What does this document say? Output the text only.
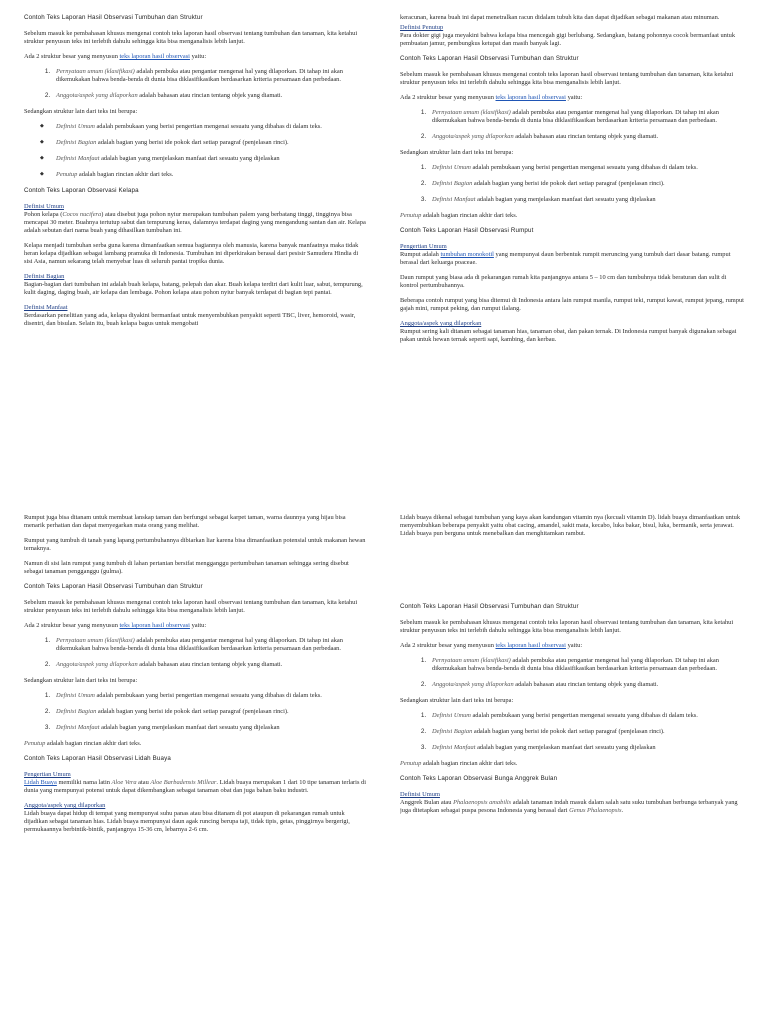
Contoh Teks Laporan Hasil Observasi Tumbuhan dan Struktur
Sebelum masuk ke pembahasan khusus mengenai contoh teks laporan hasil observasi tentang tumbuhan dan tanaman, kita ketahui struktur penyusun teks ini terlebih dahulu sehingga kita bisa menganalisis lebih lanjut.
Ada 2 struktur besar yang menyusun teks laporan hasil observasi yaitu:
1. Pernyataan umum (klasifikasi) adalah pembuka atau pengantar mengenai hal yang dilaporkan. Di tahap ini akan dikemukakan bahwa benda-benda di dunia bisa diklasifikasikan berdasarkan kriteria persamaan dan perbedaan.
2. Anggota/aspek yang dilaporkan adalah bahasan atau rincian tentang objek yang diamati.
Sedangkan struktur lain dari teks ini berupa:
◆ Definisi Umum adalah pembukaan yang berisi pengertian mengenai sesuatu yang dibahas di dalam teks.
◆ Definisi Bagian adalah bagian yang berisi ide pokok dari setiap paragraf (penjelasan rinci).
◆ Definisi Manfaat adalah bagian yang menjelaskan manfaat dari sesuatu yang dijelaskan
◆ Penutup adalah bagian rincian akhir dari teks.
Contoh Teks Laporan Observasi Kelapa
Definisi Umum
Pohon kelapa (Cocos nucifera) atau disebut juga pohon nyiur merupakan tumbuhan palem yang berbatang tinggi, tingginya bisa mencapai 30 meter. Buahnya tertutup sabut dan tempurung keras, dalamnya terdapat daging yang mengandung santan dan air. Kelapa adalah sebutan dari nama buah yang dihasilkan tumbuhan ini.
Kelapa menjadi tumbuhan serba guna karena dimanfaatkan semua bagiannya oleh manusia, karena banyak manfaatnya maka tidak heran kelapa dijadikan sebagai lambang pramuka di Indonesia. Tumbuhan ini diperkirakan berasal dari pesisir Samudera Hindia di sisi Asia, namun sekarang telah menyebar luas di seluruh pantai tropika dunia.
Definisi Bagian
Bagian-bagian dari tumbuhan ini adalah buah kelapa, batang, pelepah dan akar. Buah kelapa terdiri dari kulit luar, sabut, tempurung, kulit daging, daging buah, air kelapa dan lembaga. Pohon kelapa atau pohon nyiur banyak terdapat di bagian tepi pantai.
Definisi Manfaat
Berdasarkan penelitian yang ada, kelapa diyakini bermanfaat untuk menyembuhkan penyakit seperti TBC, liver, hemoroid, wasir, disentri, dan bisulan. Selain itu, buah kelapa bagus untuk mengobati
keracunan, karena buah ini dapat menetralkan racun didalam tubuh kita dan dapat dijadikan sebagai makanan atau minuman.
Definisi Penutup
Para dokter gigi juga meyakini bahwa kelapa bisa mencegah gigi berlubang. Sedangkan, batang pohonnya cocok bermanfaat untuk pembuatan jamur, pembungkus ketupat dan masih banyak lagi.
Contoh Teks Laporan Hasil Observasi Tumbuhan dan Struktur
Sebelum masuk ke pembahasan khusus mengenai contoh teks laporan hasil observasi tentang tumbuhan dan tanaman, kita ketahui struktur penyusun teks ini terlebih dahulu sehingga kita bisa menganalisis lebih lanjut.
Ada 2 struktur besar yang menyusun teks laporan hasil observasi yaitu:
1. Pernyataan umum (klasifikasi) adalah pembuka atau pengantar mengenai hal yang dilaporkan. Di tahap ini akan dikemukakan bahwa benda-benda di dunia bisa diklasifikasikan berdasarkan kriteria persamaan dan perbedaan.
2. Anggota/aspek yang dilaporkan adalah bahasan atau rincian tentang objek yang diamati.
Sedangkan struktur lain dari teks ini berupa:
1. Definisi Umum adalah pembukaan yang berisi pengertian mengenai sesuatu yang dibahas di dalam teks.
2. Definisi Bagian adalah bagian yang berisi ide pokok dari setiap paragraf (penjelasan rinci).
3. Definisi Manfaat adalah bagian yang menjelaskan manfaat dari sesuatu yang dijelaskan
Penutup adalah bagian rincian akhir dari teks.
Contoh Teks Laporan Hasil Observasi Rumput
Pengertian Umum
Rumput adalah tumbuhan monokotil yang mempunyai daun berbentuk rumpit meruncing yang tumbuh dari dasar batang. rumput berasal dari keluarga poaceae.
Daun rumput yang biasa ada di pekarangan rumah kita panjangnya antara 5 – 10 cm dan tumbuhnya tidak beraturan dan sulit di kontrol pertumbuhannya.
Beberapa contoh rumput yang bisa ditemui di Indonesia antara lain rumput manila, rumput teki, rumput kawat, rumput jepang, rumput gajah mini, rumput peking, dan rumput ilalang.
Anggota/aspek yang dilaporkan
Rumput sering kali ditanam sebagai tanaman hias, tanaman obat, dan pakan ternak. Di Indonesia rumput banyak digunakan sebagai pakan untuk hewan ternak seperti sapi, kambing, dan kerbau.
Rumput juga bisa ditanam untuk membuat lanskap taman dan berfungsi sebagai karpet taman, warna daunnya yang hijau bisa menarik perhatian dan dapat menyegarkan mata orang yang melihat.
Rumput yang tumbuh di tanah yang lapang pertumbuhannya dibiarkan liar karena bisa dimanfaatkan potensial untuk makanan hewan ternaknya.
Namun di sisi lain rumput yang tumbuh di lahan pertanian bersifat mengganggu pertumbuhan tanaman sehingga sering disebut sebagai tanaman pengganggu (gulma).
Contoh Teks Laporan Hasil Observasi Tumbuhan dan Struktur
Sebelum masuk ke pembahasan khusus mengenai contoh teks laporan hasil observasi tentang tumbuhan dan tanaman, kita ketahui struktur penyusun teks ini terlebih dahulu sehingga kita bisa menganalisis lebih lanjut.
Ada 2 struktur besar yang menyusun teks laporan hasil observasi yaitu:
1. Pernyataan umum (klasifikasi) adalah pembuka atau pengantar mengenai hal yang dilaporkan. Di tahap ini akan dikemukakan bahwa benda-benda di dunia bisa diklasifikasikan berdasarkan kriteria persamaan dan perbedaan.
2. Anggota/aspek yang dilaporkan adalah bahasan atau rincian tentang objek yang diamati.
Sedangkan struktur lain dari teks ini berupa:
1. Definisi Umum adalah pembukaan yang berisi pengertian mengenai sesuatu yang dibahas di dalam teks.
2. Definisi Bagian adalah bagian yang berisi ide pokok dari setiap paragraf (penjelasan rinci).
3. Definisi Manfaat adalah bagian yang menjelaskan manfaat dari sesuatu yang dijelaskan
Penutup adalah bagian rincian akhir dari teks.
Contoh Teks Laporan Hasil Observasi Lidah Buaya
Pengertian Umum
Lidah Buaya memiliki nama latin Aloe Vera atau Aloe Barbadensis Millear. Lidah buaya merupakan 1 dari 10 tipe tanaman terlaris di dunia yang mempunyai potensi untuk dapat dikembangkan sebagai tanaman obat dan juga bahan baku industri.
Anggota/aspek yang dilaporkan
Lidah buaya dapat hidup di tempat yang mempunyai suhu panas atau bisa ditanam di pot ataupun di pekarangan rumah untuk dijadikan sebagai tanaman hias. Lidah buaya mempunyai daun agak runcing berupa taji, tidak tipis, getas, pinggirnya bergerigi, permukaannya berbintik-bintik, panjangnya 15-36 cm, lebarnya 2-6 cm.
Lidah buaya dikenal sebagai tumbuhan yang kaya akan kandungan vitamin nya (kecuali vitamin D). lidah buaya dimanfaatkan untuk menyembuhkan beberapa penyakit yaitu obat cacing, amandel, sakit mata, kecabo, luka bakar, bisul, luka, bermanik, serta jerawat. Lidah buaya pun berguna untuk menebalkan dan menghitamkan rambut.
Contoh Teks Laporan Hasil Observasi Tumbuhan dan Struktur
Sebelum masuk ke pembahasan khusus mengenai contoh teks laporan hasil observasi tentang tumbuhan dan tanaman, kita ketahui struktur penyusun teks ini terlebih dahulu sehingga kita bisa menganalisis lebih lanjut.
Ada 2 struktur besar yang menyusun teks laporan hasil observasi yaitu:
1. Pernyataan umum (klasifikasi) adalah pembuka atau pengantar mengenai hal yang dilaporkan. Di tahap ini akan dikemukakan bahwa benda-benda di dunia bisa diklasifikasikan berdasarkan kriteria persamaan dan perbedaan.
2. Anggota/aspek yang dilaporkan adalah bahasan atau rincian tentang objek yang diamati.
Sedangkan struktur lain dari teks ini berupa:
1. Definisi Umum adalah pembukaan yang berisi pengertian mengenai sesuatu yang dibahas di dalam teks.
2. Definisi Bagian adalah bagian yang berisi ide pokok dari setiap paragraf (penjelasan rinci).
3. Definisi Manfaat adalah bagian yang menjelaskan manfaat dari sesuatu yang dijelaskan
Penutup adalah bagian rincian akhir dari teks.
Contoh Teks Laporan Observasi Bunga Anggrek Bulan
Definisi Umum
Anggrek Bulan atau Phalaenopsis amabilis adalah tanaman indah masuk dalam salah satu suku tumbuhan berbunga terbanyak yang juga ditetapkan sebagai puspa pesona Indonesia yang berasal dari Genus Phalaenopsis.
